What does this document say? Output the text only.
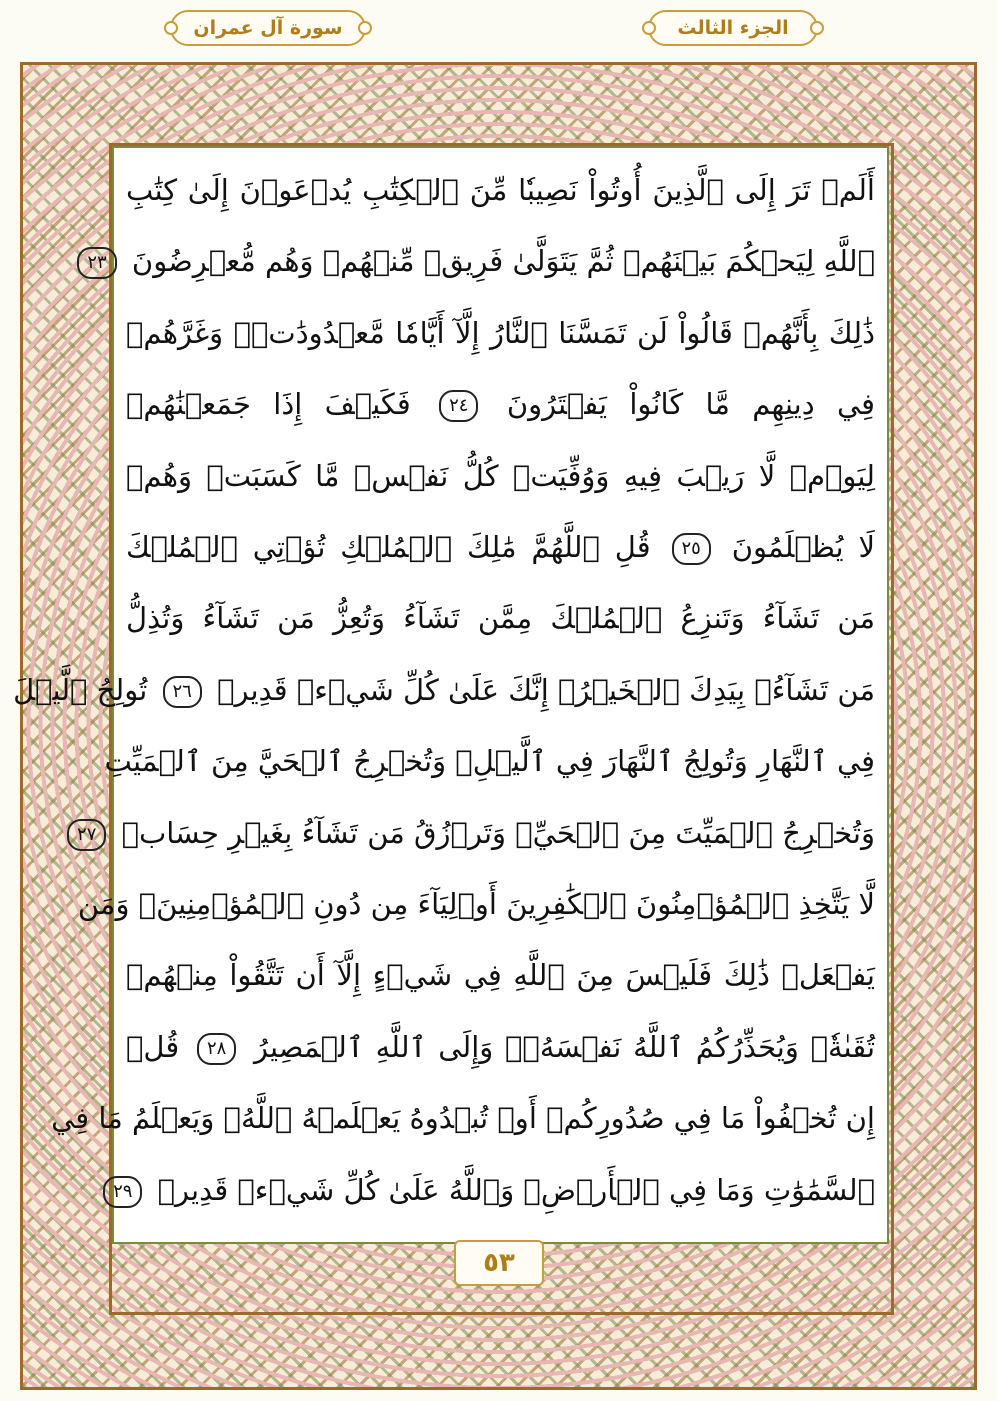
سورة آل عمران	الجزء الثالث
أَلَمۡ تَرَ إِلَى ٱلَّذِينَ أُوتُواْ نَصِيبٗا مِّنَ ٱلۡكِتَٰبِ يُدۡعَوۡنَ إِلَىٰ كِتَٰبِ
ٱللَّهِ لِيَحۡكُمَ بَيۡنَهُمۡ ثُمَّ يَتَوَلَّىٰ فَرِيقٞ مِّنۡهُمۡ وَهُم مُّعۡرِضُونَ ٢٣
ذَٰلِكَ بِأَنَّهُمۡ قَالُواْ لَن تَمَسَّنَا ٱلنَّارُ إِلَّآ أَيَّامٗا مَّعۡدُودَٰتٖۖ وَغَرَّهُمۡ
فِي دِينِهِم مَّا كَانُواْ يَفۡتَرُونَ ٢٤ فَكَيۡفَ إِذَا جَمَعۡنَٰهُمۡ
لِيَوۡمٖ لَّا رَيۡبَ فِيهِ وَوُفِّيَتۡ كُلُّ نَفۡسٖ مَّا كَسَبَتۡ وَهُمۡ
لَا يُظۡلَمُونَ ٢٥ قُلِ ٱللَّهُمَّ مَٰلِكَ ٱلۡمُلۡكِ تُؤۡتِي ٱلۡمُلۡكَ
مَن تَشَآءُ وَتَنزِعُ ٱلۡمُلۡكَ مِمَّن تَشَآءُ وَتُعِزُّ مَن تَشَآءُ وَتُذِلُّ
مَن تَشَآءُۖ بِيَدِكَ ٱلۡخَيۡرُۖ إِنَّكَ عَلَىٰ كُلِّ شَيۡءٖ قَدِيرٞ ٢٦ تُولِجُ ٱلَّيۡلَ
فِي ٱلنَّهَارِ وَتُولِجُ ٱلنَّهَارَ فِي ٱلَّيۡلِۖ وَتُخۡرِجُ ٱلۡحَيَّ مِنَ ٱلۡمَيِّتِ
وَتُخۡرِجُ ٱلۡمَيِّتَ مِنَ ٱلۡحَيِّۖ وَتَرۡزُقُ مَن تَشَآءُ بِغَيۡرِ حِسَابٖ ٢٧
لَّا يَتَّخِذِ ٱلۡمُؤۡمِنُونَ ٱلۡكَٰفِرِينَ أَوۡلِيَآءَ مِن دُونِ ٱلۡمُؤۡمِنِينَۖ وَمَن
يَفۡعَلۡ ذَٰلِكَ فَلَيۡسَ مِنَ ٱللَّهِ فِي شَيۡءٍ إِلَّآ أَن تَتَّقُواْ مِنۡهُمۡ
تُقَىٰةٗۗ وَيُحَذِّرُكُمُ ٱللَّهُ نَفۡسَهُۥۗ وَإِلَى ٱللَّهِ ٱلۡمَصِيرُ ٢٨ قُلۡ
إِن تُخۡفُواْ مَا فِي صُدُورِكُمۡ أَوۡ تُبۡدُوهُ يَعۡلَمۡهُ ٱللَّهُۗ وَيَعۡلَمُ مَا فِي
ٱلسَّمَٰوَٰتِ وَمَا فِي ٱلۡأَرۡضِۗ وَٱللَّهُ عَلَىٰ كُلِّ شَيۡءٖ قَدِيرٞ ٢٩
٥٣
